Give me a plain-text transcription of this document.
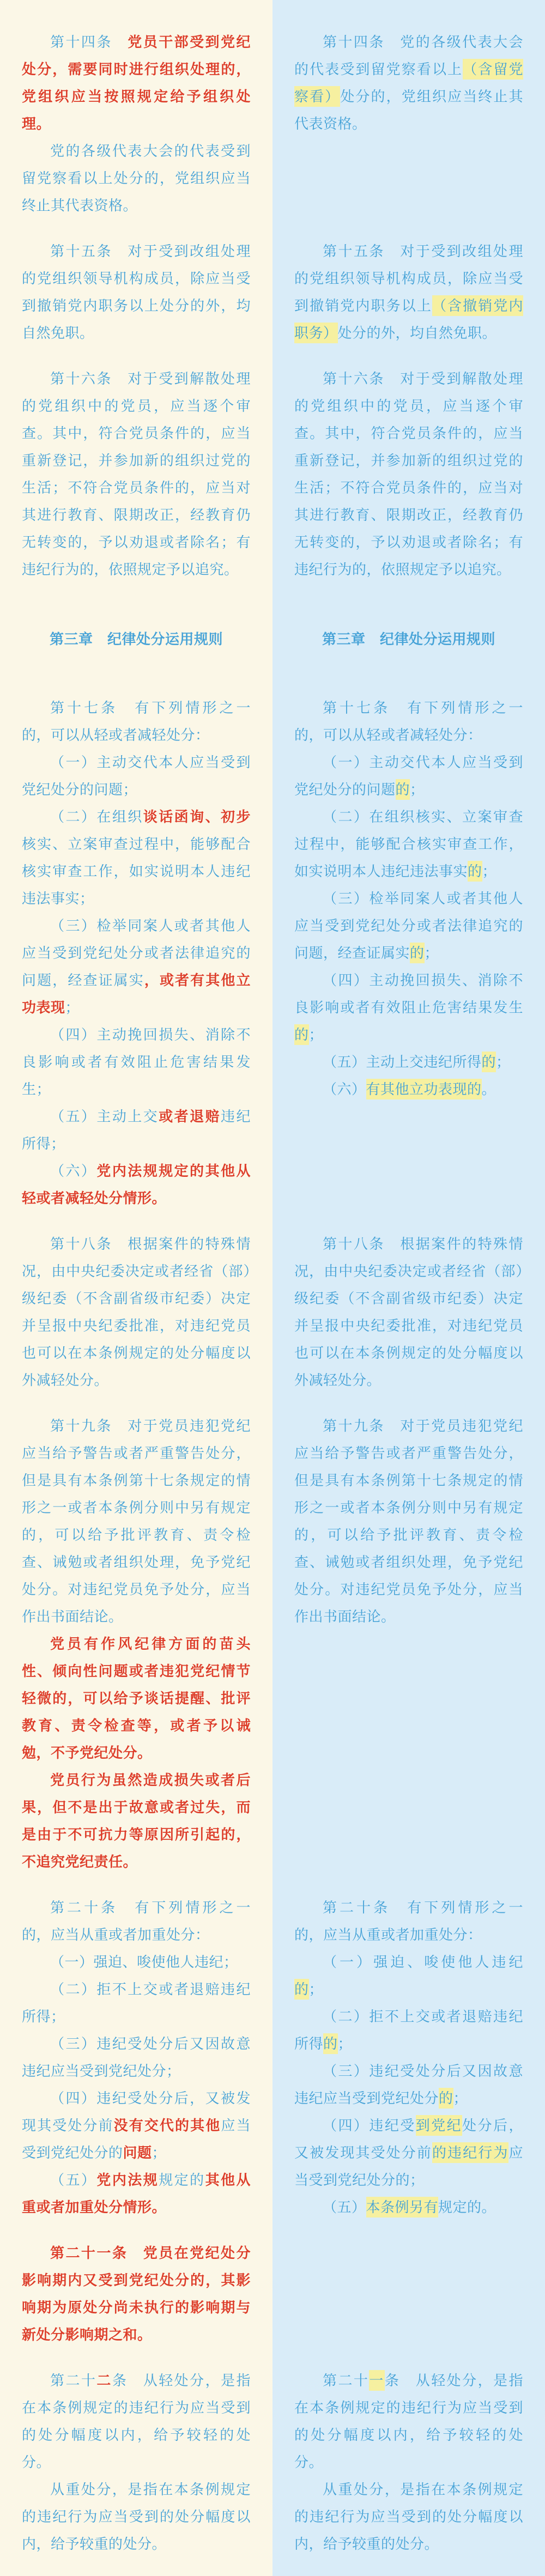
第十四条　党员干部受到党纪处分，需要同时进行组织处理的，党组织应当按照规定给予组织处理。

党的各级代表大会的代表受到留党察看以上处分的，党组织应当终止其代表资格。

第十四条　党的各级代表大会的代表受到留党察看以上（含留党察看）处分的，党组织应当终止其代表资格。

第十五条　对于受到改组处理的党组织领导机构成员，除应当受到撤销党内职务以上处分的外，均自然免职。

第十五条　对于受到改组处理的党组织领导机构成员，除应当受到撤销党内职务以上（含撤销党内职务）处分的外，均自然免职。

第十六条　对于受到解散处理的党组织中的党员，应当逐个审查。其中，符合党员条件的，应当重新登记，并参加新的组织过党的生活；不符合党员条件的，应当对其进行教育、限期改正，经教育仍无转变的，予以劝退或者除名；有违纪行为的，依照规定予以追究。

第十六条　对于受到解散处理的党组织中的党员，应当逐个审查。其中，符合党员条件的，应当重新登记，并参加新的组织过党的生活；不符合党员条件的，应当对其进行教育、限期改正，经教育仍无转变的，予以劝退或者除名；有违纪行为的，依照规定予以追究。

第三章　纪律处分运用规则	第三章　纪律处分运用规则

第十七条　有下列情形之一的，可以从轻或者减轻处分：

（一）主动交代本人应当受到党纪处分的问题；

（二）在组织谈话函询、初步核实、立案审查过程中，能够配合核实审查工作，如实说明本人违纪违法事实；

（三）检举同案人或者其他人应当受到党纪处分或者法律追究的问题，经查证属实，或者有其他立功表现；

（四）主动挽回损失、消除不良影响或者有效阻止危害结果发生；

（五）主动上交或者退赔违纪所得；

（六）党内法规规定的其他从轻或者减轻处分情形。

第十七条　有下列情形之一的，可以从轻或者减轻处分：

（一）主动交代本人应当受到党纪处分的问题的；

（二）在组织核实、立案审查过程中，能够配合核实审查工作，如实说明本人违纪违法事实的；

（三）检举同案人或者其他人应当受到党纪处分或者法律追究的问题，经查证属实的；

（四）主动挽回损失、消除不良影响或者有效阻止危害结果发生的；

（五）主动上交违纪所得的；

（六）有其他立功表现的。

第十八条　根据案件的特殊情况，由中央纪委决定或者经省（部）级纪委（不含副省级市纪委）决定并呈报中央纪委批准，对违纪党员也可以在本条例规定的处分幅度以外减轻处分。

第十八条　根据案件的特殊情况，由中央纪委决定或者经省（部）级纪委（不含副省级市纪委）决定并呈报中央纪委批准，对违纪党员也可以在本条例规定的处分幅度以外减轻处分。

第十九条　对于党员违犯党纪应当给予警告或者严重警告处分，但是具有本条例第十七条规定的情形之一或者本条例分则中另有规定的，可以给予批评教育、责令检查、诫勉或者组织处理，免予党纪处分。对违纪党员免予处分，应当作出书面结论。

党员有作风纪律方面的苗头性、倾向性问题或者违犯党纪情节轻微的，可以给予谈话提醒、批评教育、责令检查等，或者予以诫勉，不予党纪处分。

党员行为虽然造成损失或者后果，但不是出于故意或者过失，而是由于不可抗力等原因所引起的，不追究党纪责任。

第十九条　对于党员违犯党纪应当给予警告或者严重警告处分，但是具有本条例第十七条规定的情形之一或者本条例分则中另有规定的，可以给予批评教育、责令检查、诫勉或者组织处理，免予党纪处分。对违纪党员免予处分，应当作出书面结论。

第二十条　有下列情形之一的，应当从重或者加重处分：

（一）强迫、唆使他人违纪；

（二）拒不上交或者退赔违纪所得；

（三）违纪受处分后又因故意违纪应当受到党纪处分；

（四）违纪受处分后，又被发现其受处分前没有交代的其他应当受到党纪处分的问题；

（五）党内法规规定的其他从重或者加重处分情形。

第二十条　有下列情形之一的，应当从重或者加重处分：

（一）强迫、唆使他人违纪的；

（二）拒不上交或者退赔违纪所得的；

（三）违纪受处分后又因故意违纪应当受到党纪处分的；

（四）违纪受到党纪处分后，又被发现其受处分前的违纪行为应当受到党纪处分的；

（五）本条例另有规定的。

第二十一条　党员在党纪处分影响期内又受到党纪处分的，其影响期为原处分尚未执行的影响期与新处分影响期之和。

第二十二条　从轻处分，是指在本条例规定的违纪行为应当受到的处分幅度以内，给予较轻的处分。

从重处分，是指在本条例规定的违纪行为应当受到的处分幅度以内，给予较重的处分。

第二十一条　从轻处分，是指在本条例规定的违纪行为应当受到的处分幅度以内，给予较轻的处分。

从重处分，是指在本条例规定的违纪行为应当受到的处分幅度以内，给予较重的处分。
